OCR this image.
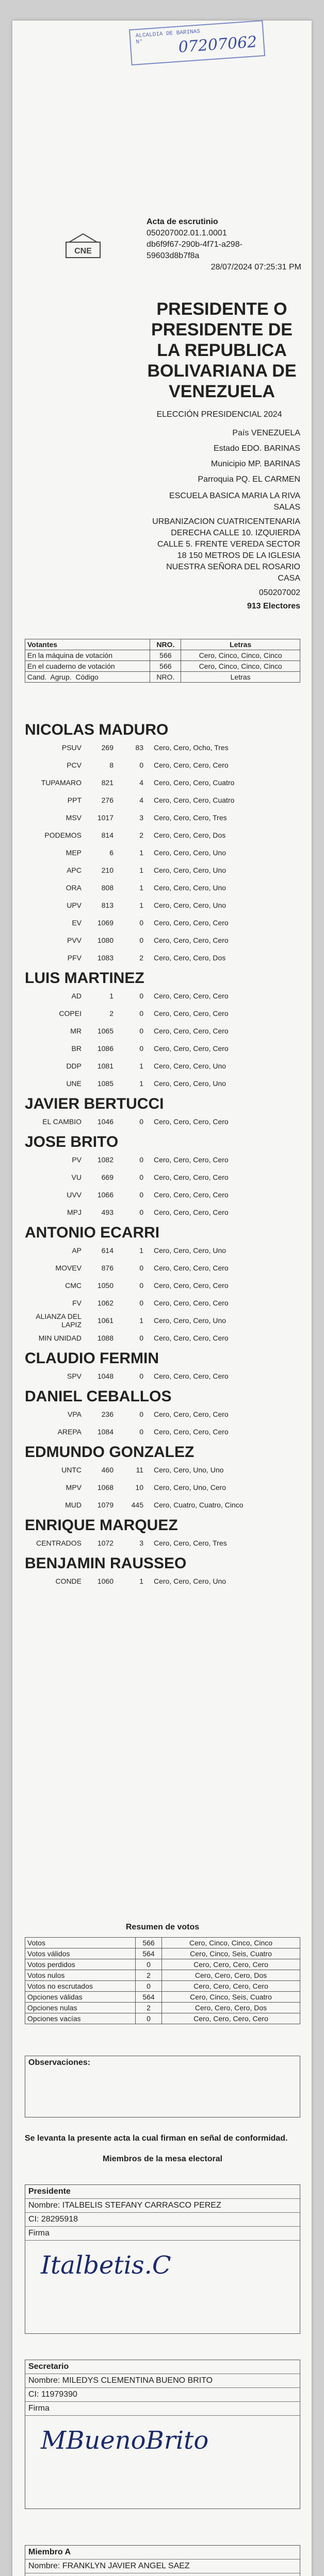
ALCALDIA DE BARINAS
N°	07207062
CNE
Acta de escrutinio
050207002.01.1.0001
db6f9f67-290b-4f71-a298-
59603d8b7f8a
28/07/2024 07:25:31 PM
PRESIDENTE O PRESIDENTE DE LA REPUBLICA BOLIVARIANA DE VENEZUELA
ELECCIÓN PRESIDENCIAL 2024
País VENEZUELA
Estado EDO. BARINAS
Municipio MP. BARINAS
Parroquia PQ. EL CARMEN
ESCUELA BASICA MARIA LA RIVA SALAS
URBANIZACION CUATRICENTENARIA DERECHA CALLE 10. IZQUIERDA CALLE 5. FRENTE VEREDA SECTOR 18 150 METROS DE LA IGLESIA NUESTRA SEÑORA DEL ROSARIO CASA
050207002
913 Electores
Votantes	NRO.	Letras
En la máquina de votación	566	Cero, Cinco, Cinco, Cinco
En el cuaderno de votación	566	Cero, Cinco, Cinco, Cinco
Cand. Agrup. Código	NRO.	Letras
NICOLAS MADURO
PSUV	269	83	Cero, Cero, Ocho, Tres
PCV	8	0	Cero, Cero, Cero, Cero
TUPAMARO	821	4	Cero, Cero, Cero, Cuatro
PPT	276	4	Cero, Cero, Cero, Cuatro
MSV	1017	3	Cero, Cero, Cero, Tres
PODEMOS	814	2	Cero, Cero, Cero, Dos
MEP	6	1	Cero, Cero, Cero, Uno
APC	210	1	Cero, Cero, Cero, Uno
ORA	808	1	Cero, Cero, Cero, Uno
UPV	813	1	Cero, Cero, Cero, Uno
EV	1069	0	Cero, Cero, Cero, Cero
PVV	1080	0	Cero, Cero, Cero, Cero
PFV	1083	2	Cero, Cero, Cero, Dos
LUIS MARTINEZ
AD	1	0	Cero, Cero, Cero, Cero
COPEI	2	0	Cero, Cero, Cero, Cero
MR	1065	0	Cero, Cero, Cero, Cero
BR	1086	0	Cero, Cero, Cero, Cero
DDP	1081	1	Cero, Cero, Cero, Uno
UNE	1085	1	Cero, Cero, Cero, Uno
JAVIER BERTUCCI
EL CAMBIO	1046	0	Cero, Cero, Cero, Cero
JOSE BRITO
PV	1082	0	Cero, Cero, Cero, Cero
VU	669	0	Cero, Cero, Cero, Cero
UVV	1066	0	Cero, Cero, Cero, Cero
MPJ	493	0	Cero, Cero, Cero, Cero
ANTONIO ECARRI
AP	614	1	Cero, Cero, Cero, Uno
MOVEV	876	0	Cero, Cero, Cero, Cero
CMC	1050	0	Cero, Cero, Cero, Cero
FV	1062	0	Cero, Cero, Cero, Cero
ALIANZA DEL LAPIZ	1061	1	Cero, Cero, Cero, Uno
MIN UNIDAD	1088	0	Cero, Cero, Cero, Cero
CLAUDIO FERMIN
SPV	1048	0	Cero, Cero, Cero, Cero
DANIEL CEBALLOS
VPA	236	0	Cero, Cero, Cero, Cero
AREPA	1084	0	Cero, Cero, Cero, Cero
EDMUNDO GONZALEZ
UNTC	460	11	Cero, Cero, Uno, Uno
MPV	1068	10	Cero, Cero, Uno, Cero
MUD	1079	445	Cero, Cuatro, Cuatro, Cinco
ENRIQUE MARQUEZ
CENTRADOS	1072	3	Cero, Cero, Cero, Tres
BENJAMIN RAUSSEO
CONDE	1060	1	Cero, Cero, Cero, Uno
Resumen de votos
Votos	566	Cero, Cinco, Cinco, Cinco
Votos válidos	564	Cero, Cinco, Seis, Cuatro
Votos perdidos	0	Cero, Cero, Cero, Cero
Votos nulos	2	Cero, Cero, Cero, Dos
Votos no escrutados	0	Cero, Cero, Cero, Cero
Opciones válidas	564	Cero, Cinco, Seis, Cuatro
Opciones nulas	2	Cero, Cero, Cero, Dos
Opciones vacías	0	Cero, Cero, Cero, Cero
Observaciones:
Se levanta la presente acta la cual firman en señal de conformidad.
Miembros de la mesa electoral
Presidente
Nombre: ITALBELIS STEFANY CARRASCO PEREZ
CI: 28295918
Firma
Italbetis.C
Secretario
Nombre: MILEDYS CLEMENTINA BUENO BRITO
CI: 11979390
Firma
MBuenoBrito
Miembro A
Nombre: FRANKLYN JAVIER ANGEL SAEZ
